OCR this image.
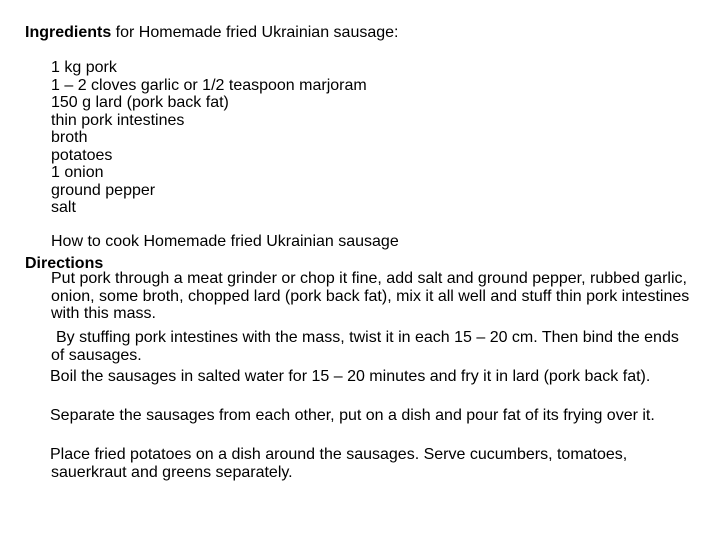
Ingredients for Homemade fried Ukrainian sausage:
1 kg pork
1 – 2 cloves garlic or 1/2 teaspoon marjoram
150 g lard (pork back fat)
thin pork intestines
broth
potatoes
1 onion
ground pepper
salt
How to cook Homemade fried Ukrainian sausage
Directions
Put pork through a meat grinder or chop it fine, add salt and ground pepper, rubbed garlic, onion, some broth, chopped lard (pork back fat), mix it all well and stuff thin pork intestines with this mass.
By stuffing pork intestines with the mass, twist it in each 15 – 20 cm. Then bind the ends of sausages.
Boil the sausages in salted water for 15 – 20 minutes and fry it in lard (pork back fat).
Separate the sausages from each other, put on a dish and pour fat of its frying over it.
Place fried potatoes on a dish around the sausages. Serve cucumbers, tomatoes, sauerkraut and greens separately.
